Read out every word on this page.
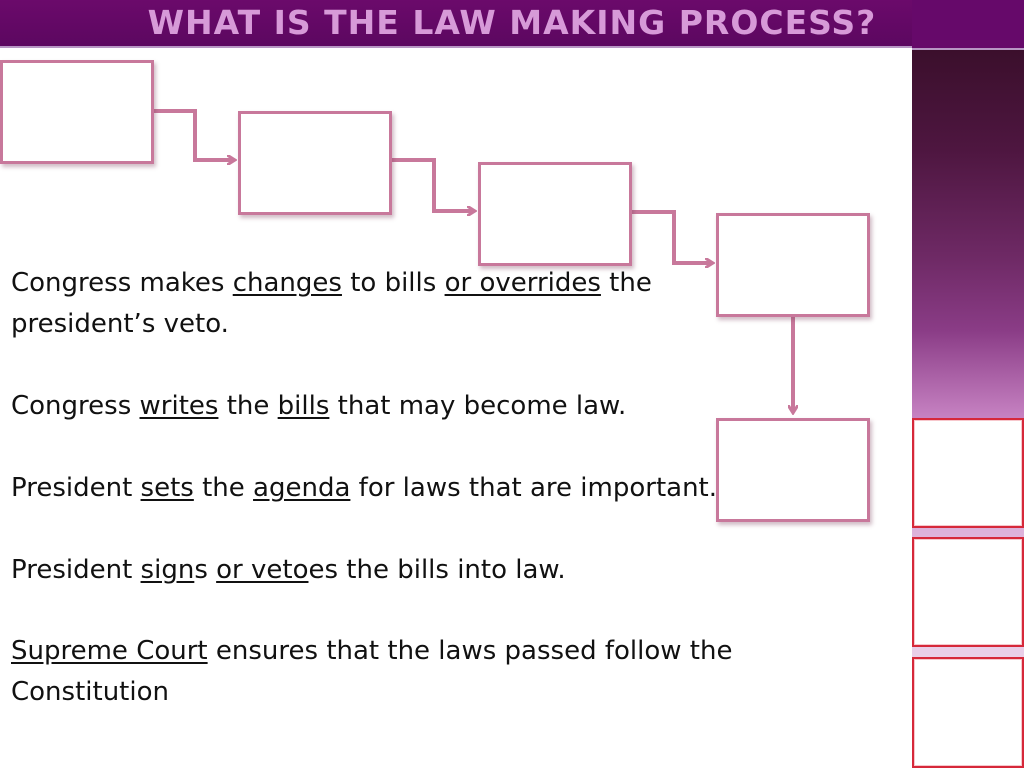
WHAT IS THE LAW MAKING PROCESS?
Congress makes changes to bills or overrides the president’s veto.
Congress writes the bills that may become law.
President sets the agenda for laws that are important.
President signs or vetoes the bills into law.
Supreme Court ensures that the laws passed follow the Constitution
